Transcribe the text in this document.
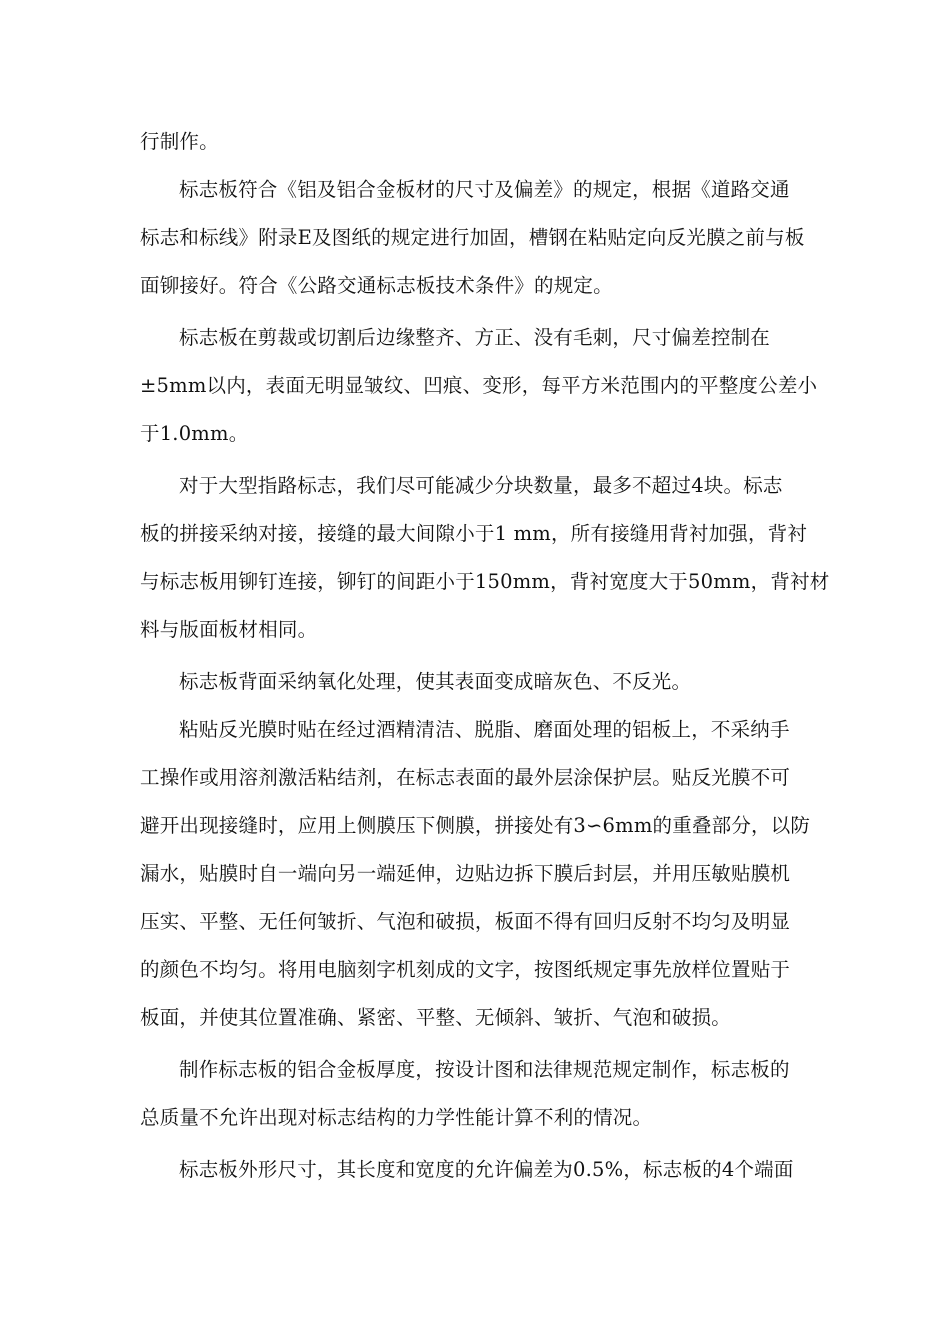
行制作。
标志板符合《铝及铝合金板材的尺寸及偏差》的规定，根据《道路交通
标志和标线》附录E及图纸的规定进行加固，槽钢在粘贴定向反光膜之前与板
面铆接好。符合《公路交通标志板技术条件》的规定。
标志板在剪裁或切割后边缘整齐、方正、没有毛刺，尺寸偏差控制在
±5mm以内，表面无明显皱纹、凹痕、变形，每平方米范围内的平整度公差小
于1.0mm。
对于大型指路标志，我们尽可能减少分块数量，最多不超过4块。标志
板的拼接采纳对接，接缝的最大间隙小于1 mm，所有接缝用背衬加强，背衬
与标志板用铆钉连接，铆钉的间距小于150mm，背衬宽度大于50mm，背衬材
料与版面板材相同。
标志板背面采纳氧化处理，使其表面变成暗灰色、不反光。
粘贴反光膜时贴在经过酒精清洁、脱脂、磨面处理的铝板上，不采纳手
工操作或用溶剂激活粘结剂，在标志表面的最外层涂保护层。贴反光膜不可
避开出现接缝时，应用上侧膜压下侧膜，拼接处有3∽6mm的重叠部分，以防
漏水，贴膜时自一端向另一端延伸，边贴边拆下膜后封层，并用压敏贴膜机
压实、平整、无任何皱折、气泡和破损，板面不得有回归反射不均匀及明显
的颜色不均匀。将用电脑刻字机刻成的文字，按图纸规定事先放样位置贴于
板面，并使其位置准确、紧密、平整、无倾斜、皱折、气泡和破损。
制作标志板的铝合金板厚度，按设计图和法律规范规定制作，标志板的
总质量不允许出现对标志结构的力学性能计算不利的情况。
标志板外形尺寸，其长度和宽度的允许偏差为0.5%，标志板的4个端面
